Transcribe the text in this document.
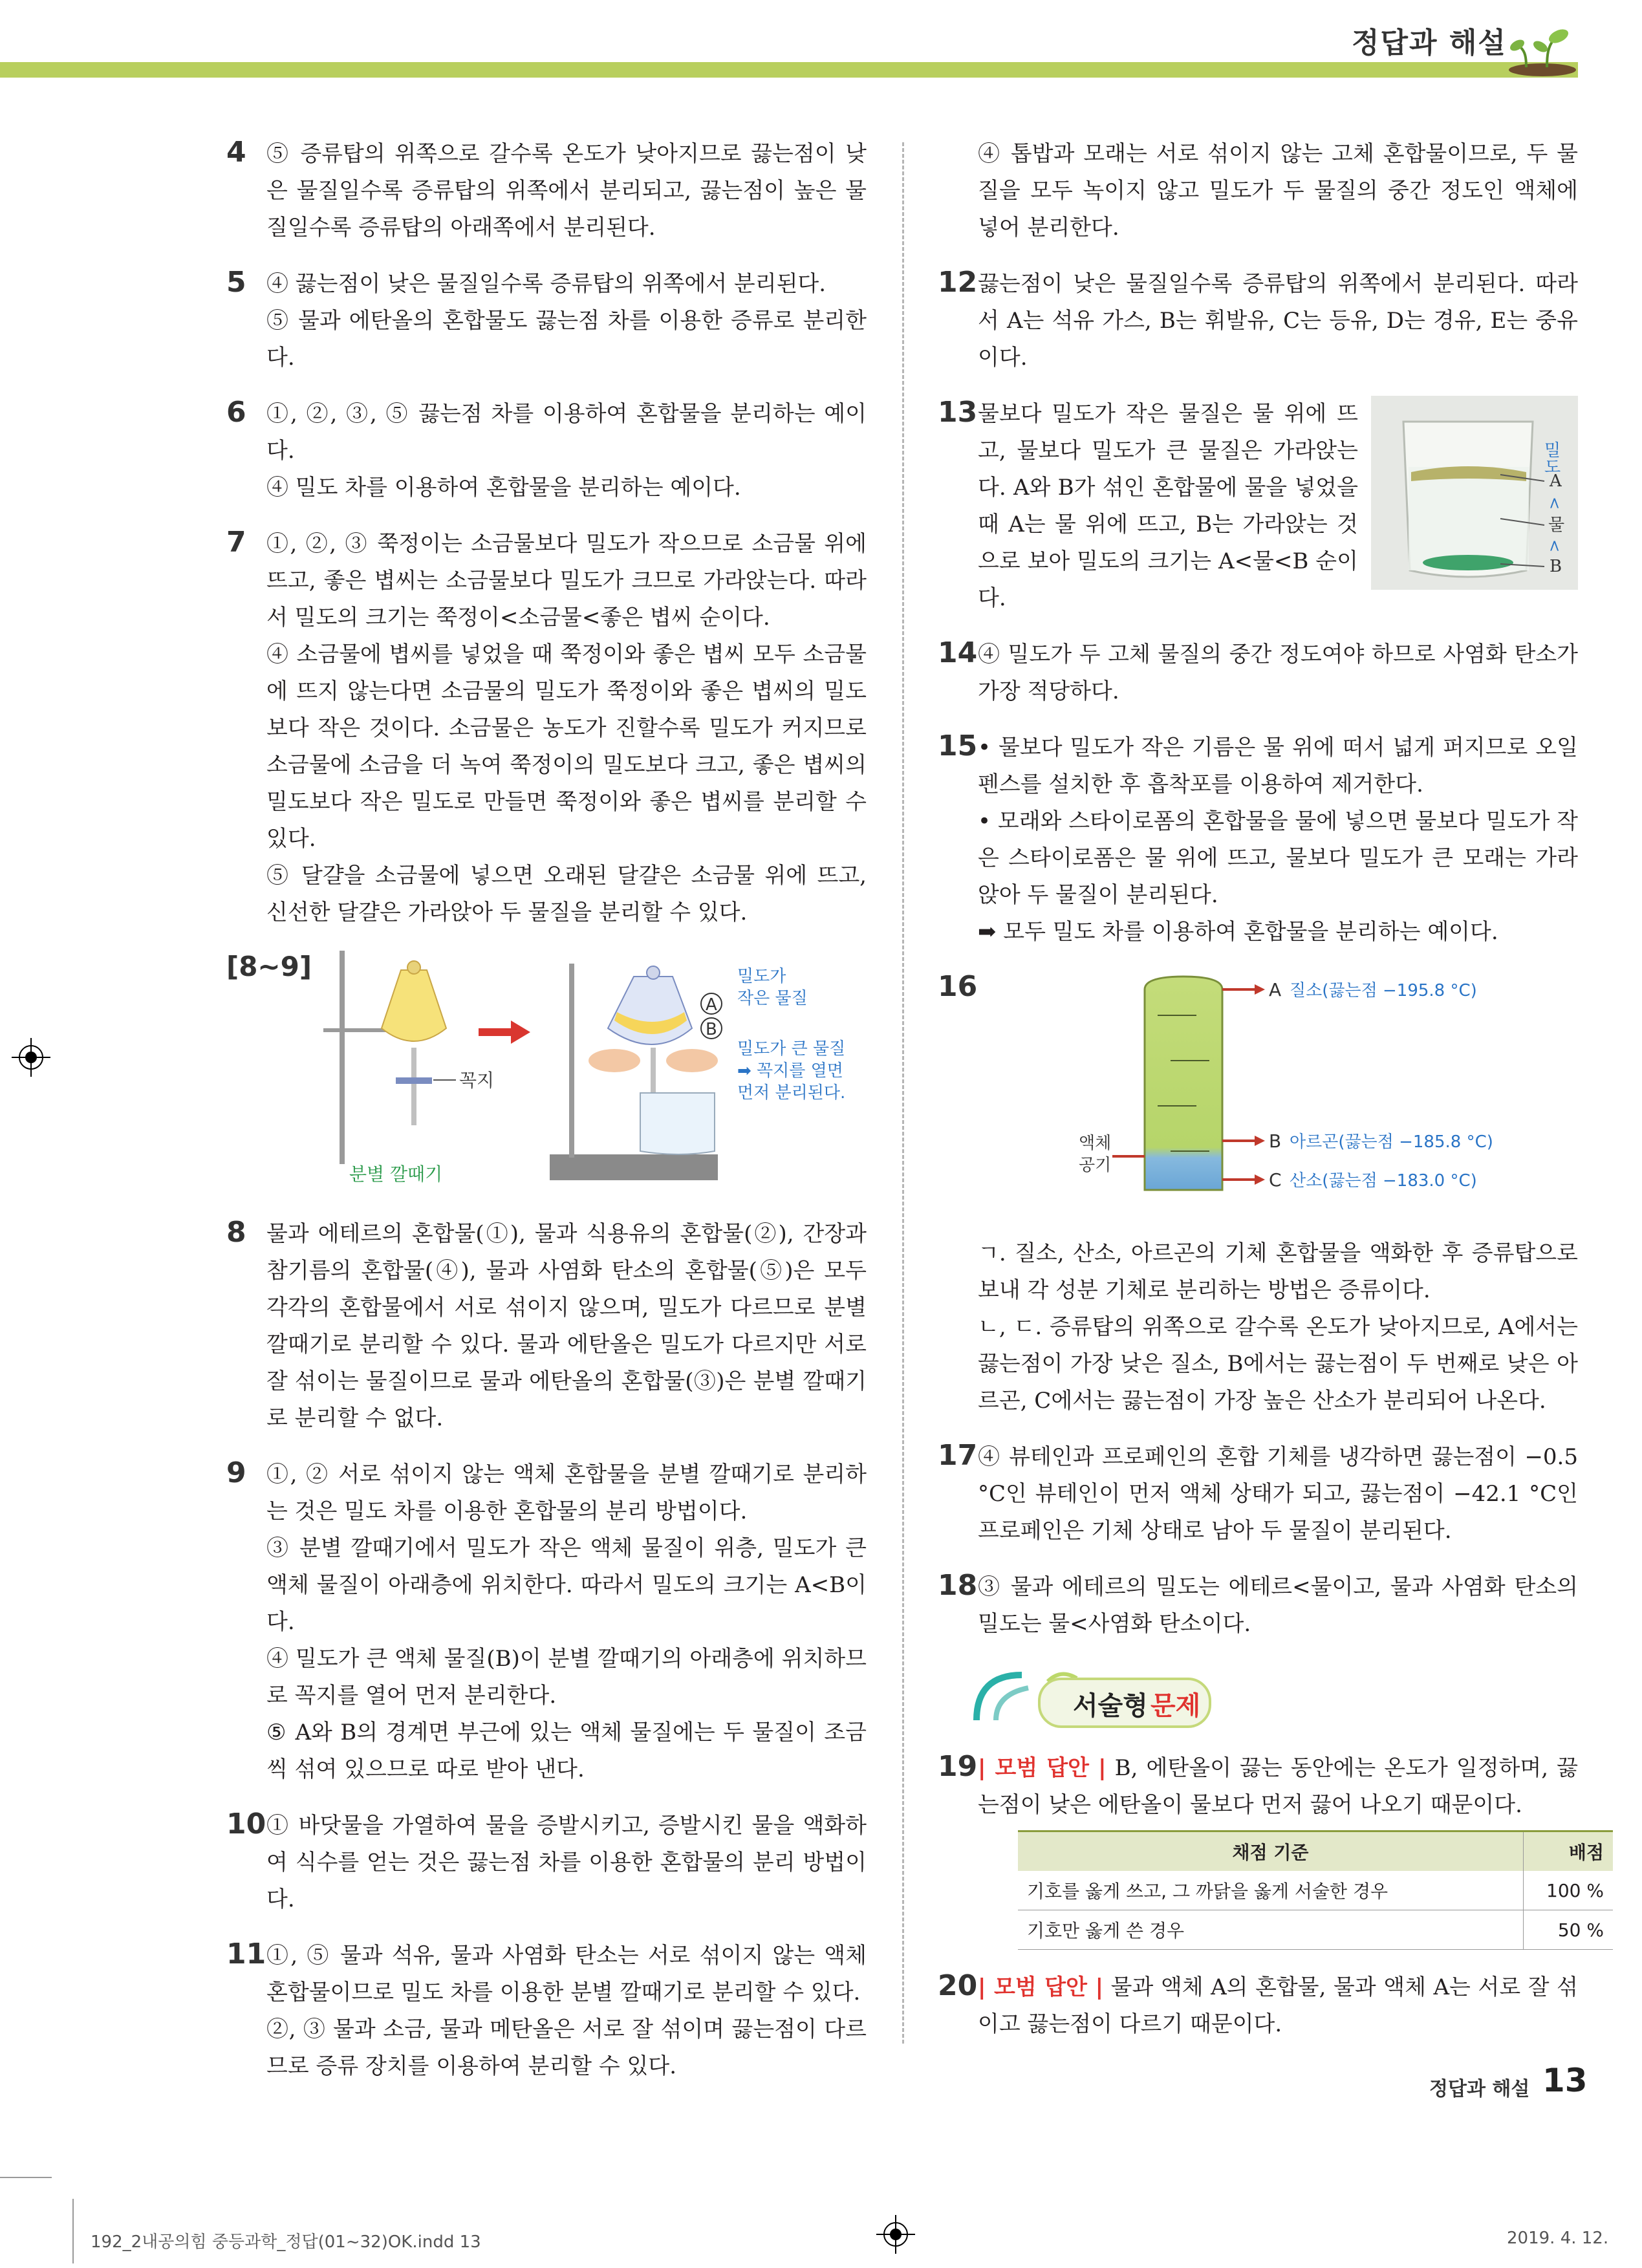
정답과 해설
4 ⑤ 증류탑의 위쪽으로 갈수록 온도가 낮아지므로 끓는점이 낮은 물질일수록 증류탑의 위쪽에서 분리되고, 끓는점이 높은 물질일수록 증류탑의 아래쪽에서 분리된다.

5 ④ 끓는점이 낮은 물질일수록 증류탑의 위쪽에서 분리된다.

⑤ 물과 에탄올의 혼합물도 끓는점 차를 이용한 증류로 분리한다.

6 ①, ②, ③, ⑤ 끓는점 차를 이용하여 혼합물을 분리하는 예이다.

④ 밀도 차를 이용하여 혼합물을 분리하는 예이다.

7 ①, ②, ③ 쭉정이는 소금물보다 밀도가 작으므로 소금물 위에 뜨고, 좋은 볍씨는 소금물보다 밀도가 크므로 가라앉는다. 따라서 밀도의 크기는 쭉정이<소금물<좋은 볍씨 순이다.

④ 소금물에 볍씨를 넣었을 때 쭉정이와 좋은 볍씨 모두 소금물에 뜨지 않는다면 소금물의 밀도가 쭉정이와 좋은 볍씨의 밀도보다 작은 것이다. 소금물은 농도가 진할수록 밀도가 커지므로 소금물에 소금을 더 녹여 쭉정이의 밀도보다 크고, 좋은 볍씨의 밀도보다 작은 밀도로 만들면 쭉정이와 좋은 볍씨를 분리할 수 있다.

⑤ 달걀을 소금물에 넣으면 오래된 달걀은 소금물 위에 뜨고, 신선한 달걀은 가라앉아 두 물질을 분리할 수 있다.

[8~9]
꼭지
분별 깔때기
A
B
밀도가
작은 물질
밀도가 큰 물질
➡ 꼭지를 열면
먼저 분리된다.
8 물과 에테르의 혼합물(①), 물과 식용유의 혼합물(②), 간장과 참기름의 혼합물(④), 물과 사염화 탄소의 혼합물(⑤)은 모두 각각의 혼합물에서 서로 섞이지 않으며, 밀도가 다르므로 분별 깔때기로 분리할 수 있다. 물과 에탄올은 밀도가 다르지만 서로 잘 섞이는 물질이므로 물과 에탄올의 혼합물(③)은 분별 깔때기로 분리할 수 없다.

9 ①, ② 서로 섞이지 않는 액체 혼합물을 분별 깔때기로 분리하는 것은 밀도 차를 이용한 혼합물의 분리 방법이다.

③ 분별 깔때기에서 밀도가 작은 액체 물질이 위층, 밀도가 큰 액체 물질이 아래층에 위치한다. 따라서 밀도의 크기는 A<B이다.

④ 밀도가 큰 액체 물질(B)이 분별 깔때기의 아래층에 위치하므로 꼭지를 열어 먼저 분리한다.

⑤ A와 B의 경계면 부근에 있는 액체 물질에는 두 물질이 조금씩 섞여 있으므로 따로 받아 낸다.

10 ① 바닷물을 가열하여 물을 증발시키고, 증발시킨 물을 액화하여 식수를 얻는 것은 끓는점 차를 이용한 혼합물의 분리 방법이다.

11 ①, ⑤ 물과 석유, 물과 사염화 탄소는 서로 섞이지 않는 액체 혼합물이므로 밀도 차를 이용한 분별 깔때기로 분리할 수 있다.

②, ③ 물과 소금, 물과 메탄올은 서로 잘 섞이며 끓는점이 다르므로 증류 장치를 이용하여 분리할 수 있다.

④ 톱밥과 모래는 서로 섞이지 않는 고체 혼합물이므로, 두 물질을 모두 녹이지 않고 밀도가 두 물질의 중간 정도인 액체에 넣어 분리한다.

12 끓는점이 낮은 물질일수록 증류탑의 위쪽에서 분리된다. 따라서 A는 석유 가스, B는 휘발유, C는 등유, D는 경유, E는 중유이다.

13 물보다 밀도가 작은 물질은 물 위에 뜨고, 물보다 밀도가 큰 물질은 가라앉는다. A와 B가 섞인 혼합물에 물을 넣었을 때 A는 물 위에 뜨고, B는 가라앉는 것으로 보아 밀도의 크기는 A<물<B 순이다.

밀도
A
<
물
<
B
14 ④ 밀도가 두 고체 물질의 중간 정도여야 하므로 사염화 탄소가 가장 적당하다.

15 • 물보다 밀도가 작은 기름은 물 위에 떠서 넓게 퍼지므로 오일펜스를 설치한 후 흡착포를 이용하여 제거한다.

• 모래와 스타이로폼의 혼합물을 물에 넣으면 물보다 밀도가 작은 스타이로폼은 물 위에 뜨고, 물보다 밀도가 큰 모래는 가라앉아 두 물질이 분리된다.

➡ 모두 밀도 차를 이용하여 혼합물을 분리하는 예이다.

16	A 질소(끓는점 −195.8 °C)
B 아르곤(끓는점 −185.8 °C)
C 산소(끓는점 −183.0 °C)
액체
공기

ㄱ. 질소, 산소, 아르곤의 기체 혼합물을 액화한 후 증류탑으로 보내 각 성분 기체로 분리하는 방법은 증류이다.

ㄴ, ㄷ. 증류탑의 위쪽으로 갈수록 온도가 낮아지므로, A에서는 끓는점이 가장 낮은 질소, B에서는 끓는점이 두 번째로 낮은 아르곤, C에서는 끓는점이 가장 높은 산소가 분리되어 나온다.

17 ④ 뷰테인과 프로페인의 혼합 기체를 냉각하면 끓는점이 −0.5 °C인 뷰테인이 먼저 액체 상태가 되고, 끓는점이 −42.1 °C인 프로페인은 기체 상태로 남아 두 물질이 분리된다.

18 ③ 물과 에테르의 밀도는 에테르<물이고, 물과 사염화 탄소의 밀도는 물<사염화 탄소이다.

서술형 문제
19 | 모범 답안 | B, 에탄올이 끓는 동안에는 온도가 일정하며, 끓는점이 낮은 에탄올이 물보다 먼저 끓어 나오기 때문이다.

채점 기준	배점
기호를 옳게 쓰고, 그 까닭을 옳게 서술한 경우	100 %
기호만 옳게 쓴 경우	50 %
20 | 모범 답안 | 물과 액체 A의 혼합물, 물과 액체 A는 서로 잘 섞이고 끓는점이 다르기 때문이다.

정답과 해설 13
192_2내공의힘 중등과학_정답(01~32)OK.indd 13	2019. 4. 12.
